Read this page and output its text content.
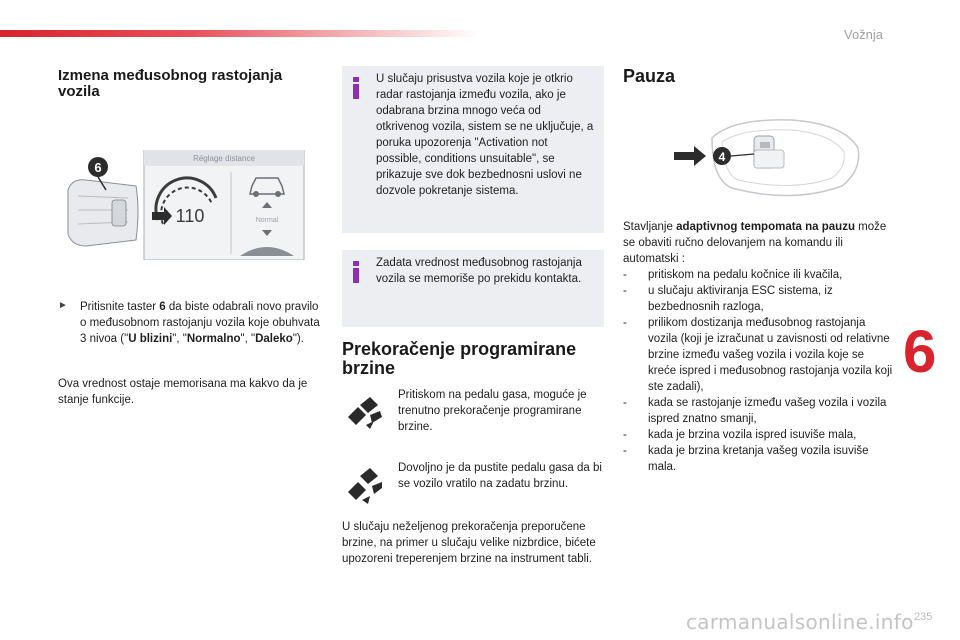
Vožnja
Izmena međusobnog rastojanja vozila
6
Réglage distance
110	Normal
►	Pritisnite taster 6 da biste odabrali novo pravilo o međusobnom rastojanju vozila koje obuhvata 3 nivoa ("U blizini", "Normalno", "Daleko").

Ova vrednost ostaje memorisana ma kakvo da je stanje funkcije.

U slučaju prisustva vozila koje je otkrio radar rastojanja između vozila, ako je odabrana brzina mnogo veća od otkrivenog vozila, sistem se ne uključuje, a poruka upozorenja "Activation not possible, conditions unsuitable", se prikazuje sve dok bezbednosni uslovi ne dozvole pokretanje sistema.

Zadata vrednost međusobnog rastojanja vozila se memoriše po prekidu kontakta.

Prekoračenje programirane brzine

Pritiskom na pedalu gasa, moguće je trenutno prekoračenje programirane brzine.

Dovoljno je da pustite pedalu gasa da bi se vozilo vratilo na zadatu brzinu.

U slučaju neželjenog prekoračenja preporučene brzine, na primer u slučaju velike nizbrdice, bićete upozoreni treperenjem brzine na instrument tabli.

Pauza
4

Stavljanje adaptivnog tempomata na pauzu može se obaviti ručno delovanjem na komandu ili automatski :

- pritiskom na pedalu kočnice ili kvačila,
- u slučaju aktiviranja ESC sistema, iz bezbednosnih razloga,
- prilikom dostizanja međusobnog rastojanja vozila (koji je izračunat u zavisnosti od relativne brzine između vašeg vozila i vozila koje se kreće ispred i međusobnog rastojanja vozila koji ste zadali),
- kada se rastojanje između vašeg vozila i vozila ispred znatno smanji,
- kada je brzina vozila ispred isuviše mala,
- kada je brzina kretanja vašeg vozila isuviše mala.
6
carmanualsonline.info 235
